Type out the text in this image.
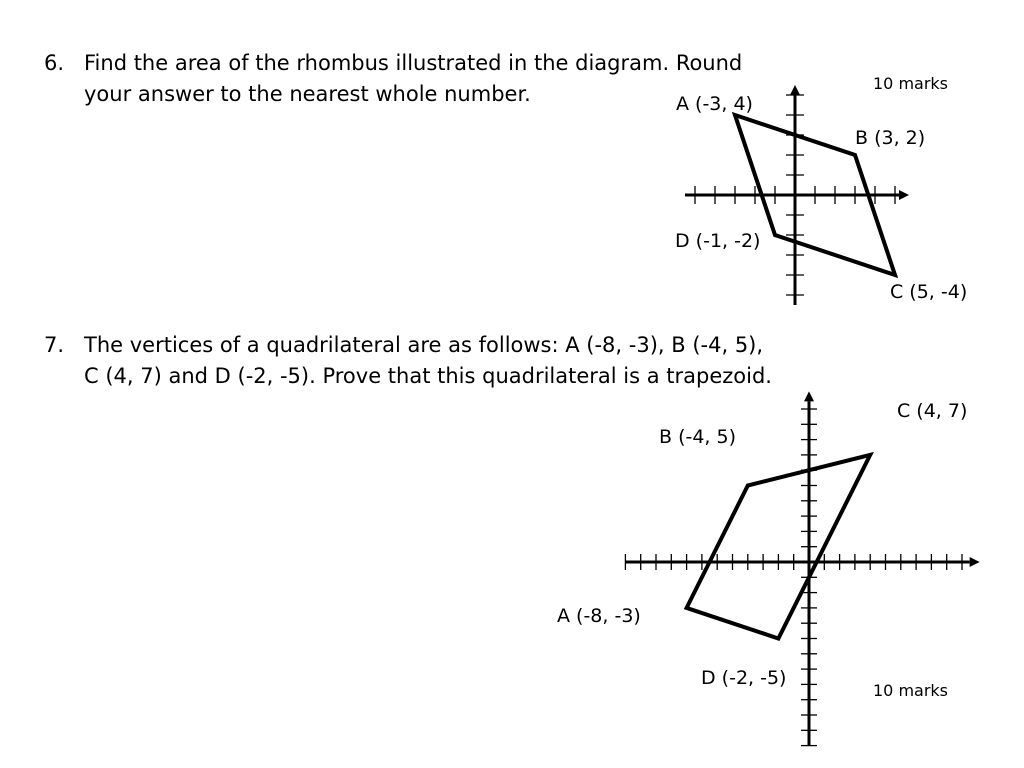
6. Find the area of the rhombus illustrated in the diagram. Round
your answer to the nearest whole number.	10 marks
A (-3, 4)
B (3, 2)
C (5, -4)
D (-1, -2)
7. The vertices of a quadrilateral are as follows: A (-8, -3), B (-4, 5),
C (4, 7) and D (-2, -5). Prove that this quadrilateral is a trapezoid.
A (-8, -3)
B (-4, 5)
C (4, 7)
D (-2, -5)
10 marks
